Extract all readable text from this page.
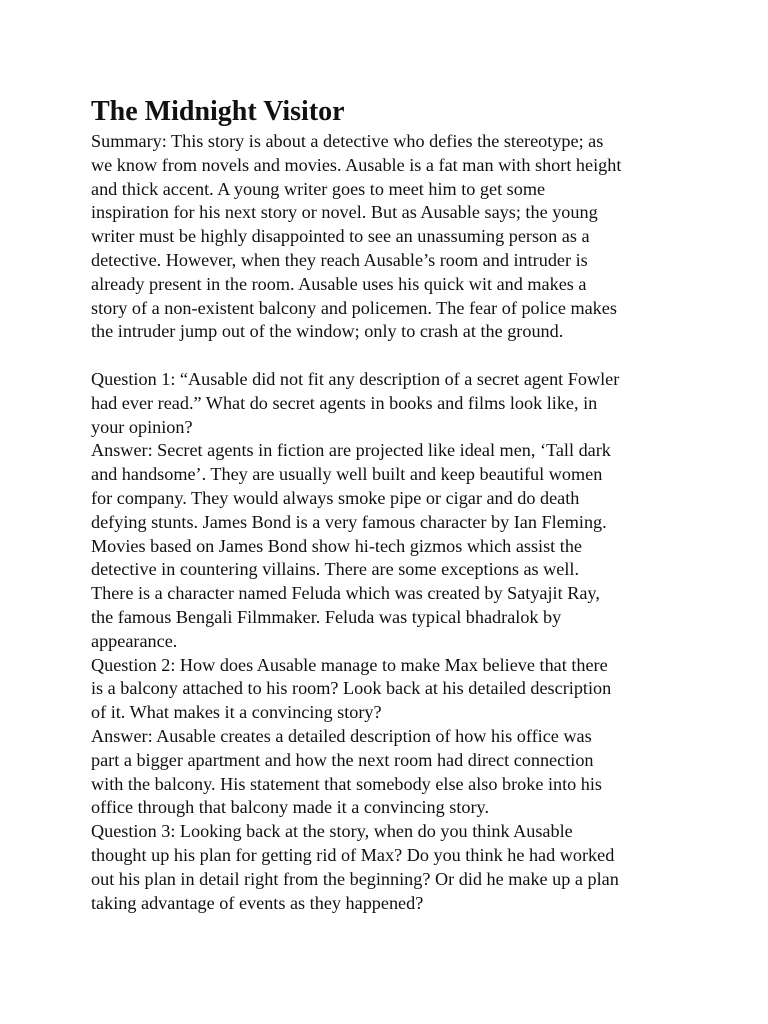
The Midnight Visitor
Summary: This story is about a detective who defies the stereotype; as
we know from novels and movies. Ausable is a fat man with short height
and thick accent. A young writer goes to meet him to get some
inspiration for his next story or novel. But as Ausable says; the young
writer must be highly disappointed to see an unassuming person as a
detective. However, when they reach Ausable’s room and intruder is
already present in the room. Ausable uses his quick wit and makes a
story of a non-existent balcony and policemen. The fear of police makes
the intruder jump out of the window; only to crash at the ground.
Question 1: “Ausable did not fit any description of a secret agent Fowler
had ever read.” What do secret agents in books and films look like, in
your opinion?
Answer: Secret agents in fiction are projected like ideal men, ‘Tall dark
and handsome’. They are usually well built and keep beautiful women
for company. They would always smoke pipe or cigar and do death
defying stunts. James Bond is a very famous character by Ian Fleming.
Movies based on James Bond show hi-tech gizmos which assist the
detective in countering villains. There are some exceptions as well.
There is a character named Feluda which was created by Satyajit Ray,
the famous Bengali Filmmaker. Feluda was typical bhadralok by
appearance.
Question 2: How does Ausable manage to make Max believe that there
is a balcony attached to his room? Look back at his detailed description
of it. What makes it a convincing story?
Answer: Ausable creates a detailed description of how his office was
part a bigger apartment and how the next room had direct connection
with the balcony. His statement that somebody else also broke into his
office through that balcony made it a convincing story.
Question 3: Looking back at the story, when do you think Ausable
thought up his plan for getting rid of Max? Do you think he had worked
out his plan in detail right from the beginning? Or did he make up a plan
taking advantage of events as they happened?
